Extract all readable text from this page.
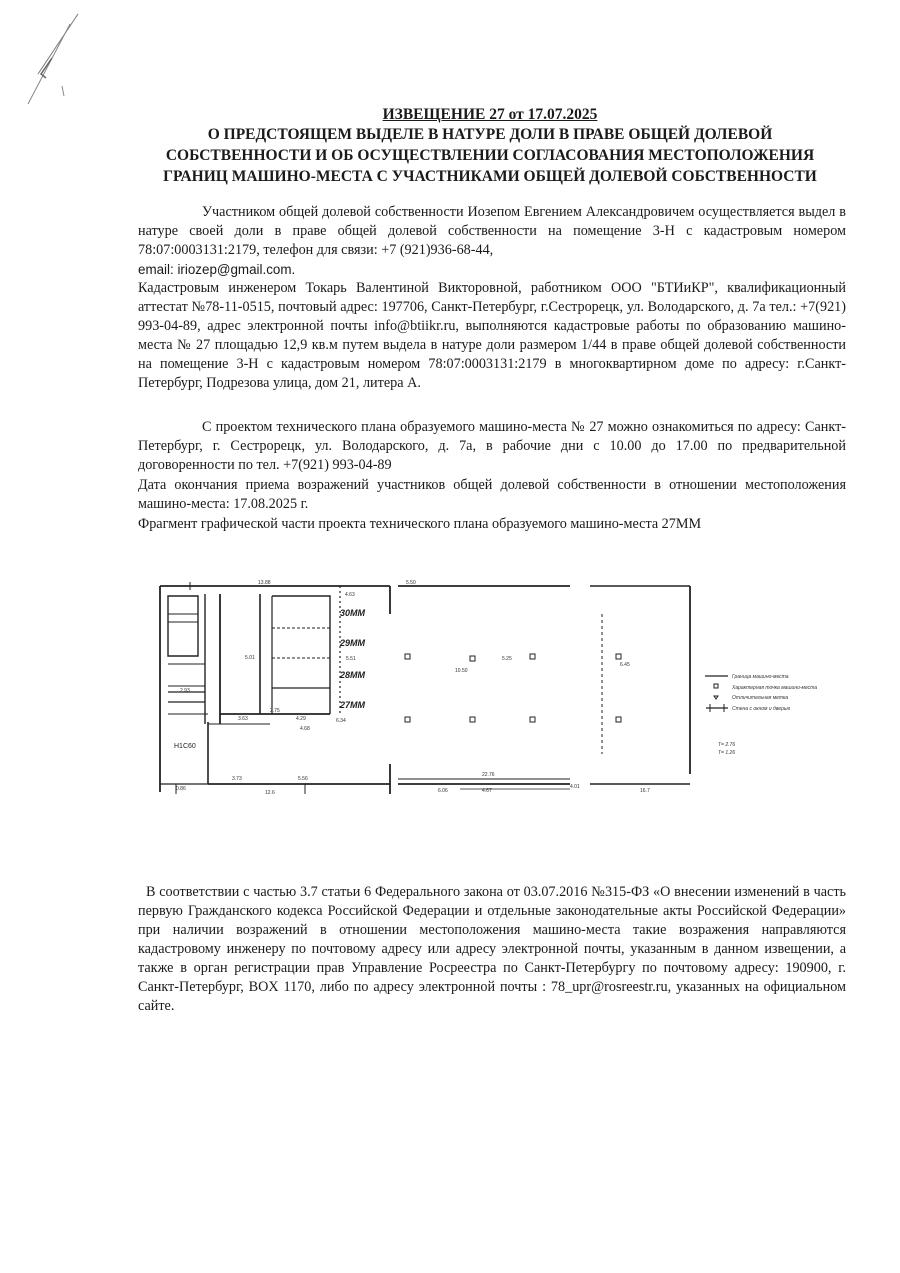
ИЗВЕЩЕНИЕ 27 от 17.07.2025
О ПРЕДСТОЯЩЕМ ВЫДЕЛЕ В НАТУРЕ ДОЛИ В ПРАВЕ ОБЩЕЙ ДОЛЕВОЙ
СОБСТВЕННОСТИ И ОБ ОСУЩЕСТВЛЕНИИ СОГЛАСОВАНИЯ МЕСТОПОЛОЖЕНИЯ
ГРАНИЦ МАШИНО-МЕСТА С УЧАСТНИКАМИ ОБЩЕЙ ДОЛЕВОЙ СОБСТВЕННОСТИ
Участником общей долевой собственности Иозепом Евгением Александровичем осуществляется выдел в натуре своей доли в праве общей долевой собственности на помещение 3-Н с кадастровым номером 78:07:0003131:2179, телефон для связи: +7 (921)936-68-44,
email: iriozep@gmail.com.
Кадастровым инженером Токарь Валентиной Викторовной, работником ООО "БТИиКР", квалификационный аттестат №78-11-0515, почтовый адрес: 197706, Санкт-Петербург, г.Сестрорецк, ул. Володарского, д. 7а тел.: +7(921) 993-04-89, адрес электронной почты info@btiikr.ru, выполняются кадастровые работы по образованию машино-места № 27 площадью 12,9 кв.м путем выдела в натуре доли размером 1/44 в праве общей долевой собственности на помещение 3-Н с кадастровым номером 78:07:0003131:2179 в многоквартирном доме по адресу: г.Санкт-Петербург, Подрезова улица, дом 21, литера А.
С проектом технического плана образуемого машино-места № 27 можно ознакомиться по адресу: Санкт-Петербург, г. Сестрорецк, ул. Володарского, д. 7а, в рабочие дни с 10.00 до 17.00 по предварительной договоренности по тел. +7(921) 993-04-89
Дата окончания приема возражений участников общей долевой собственности в отношении местоположения машино-места: 17.08.2025 г.
Фрагмент графической части проекта технического плана образуемого машино-места 27ММ
30ММ
29ММ
28ММ
27ММ
Н1С60
13.88
4.63
2.75
5.01
2.93
3.63	4.29	6.34
4.68
3.73	5.56
12.6
22.76
6.06	4.67
4.01
16.7
0.86
5.51
5.50
5.25
10.50
6.45
Граница машино-места
Характерная точка машино-места
Отличительная метка
Стена с окном и дверью
Т= 2.76
Т= 1.26
В соответствии с частью 3.7 статьи 6 Федерального закона от 03.07.2016 №315-ФЗ «О внесении изменений в часть первую Гражданского кодекса Российской Федерации и отдельные законодательные акты Российской Федерации» при наличии возражений в отношении местоположения машино-места такие возражения направляются кадастровому инженеру по почтовому адресу или адресу электронной почты, указанным в данном извещении, а также в орган регистрации прав Управление Росреестра по Санкт-Петербургу по почтовому адресу: 190900, г. Санкт-Петербург, BOX 1170, либо по адресу электронной почты : 78_upr@rosreestr.ru, указанных на официальном сайте.
